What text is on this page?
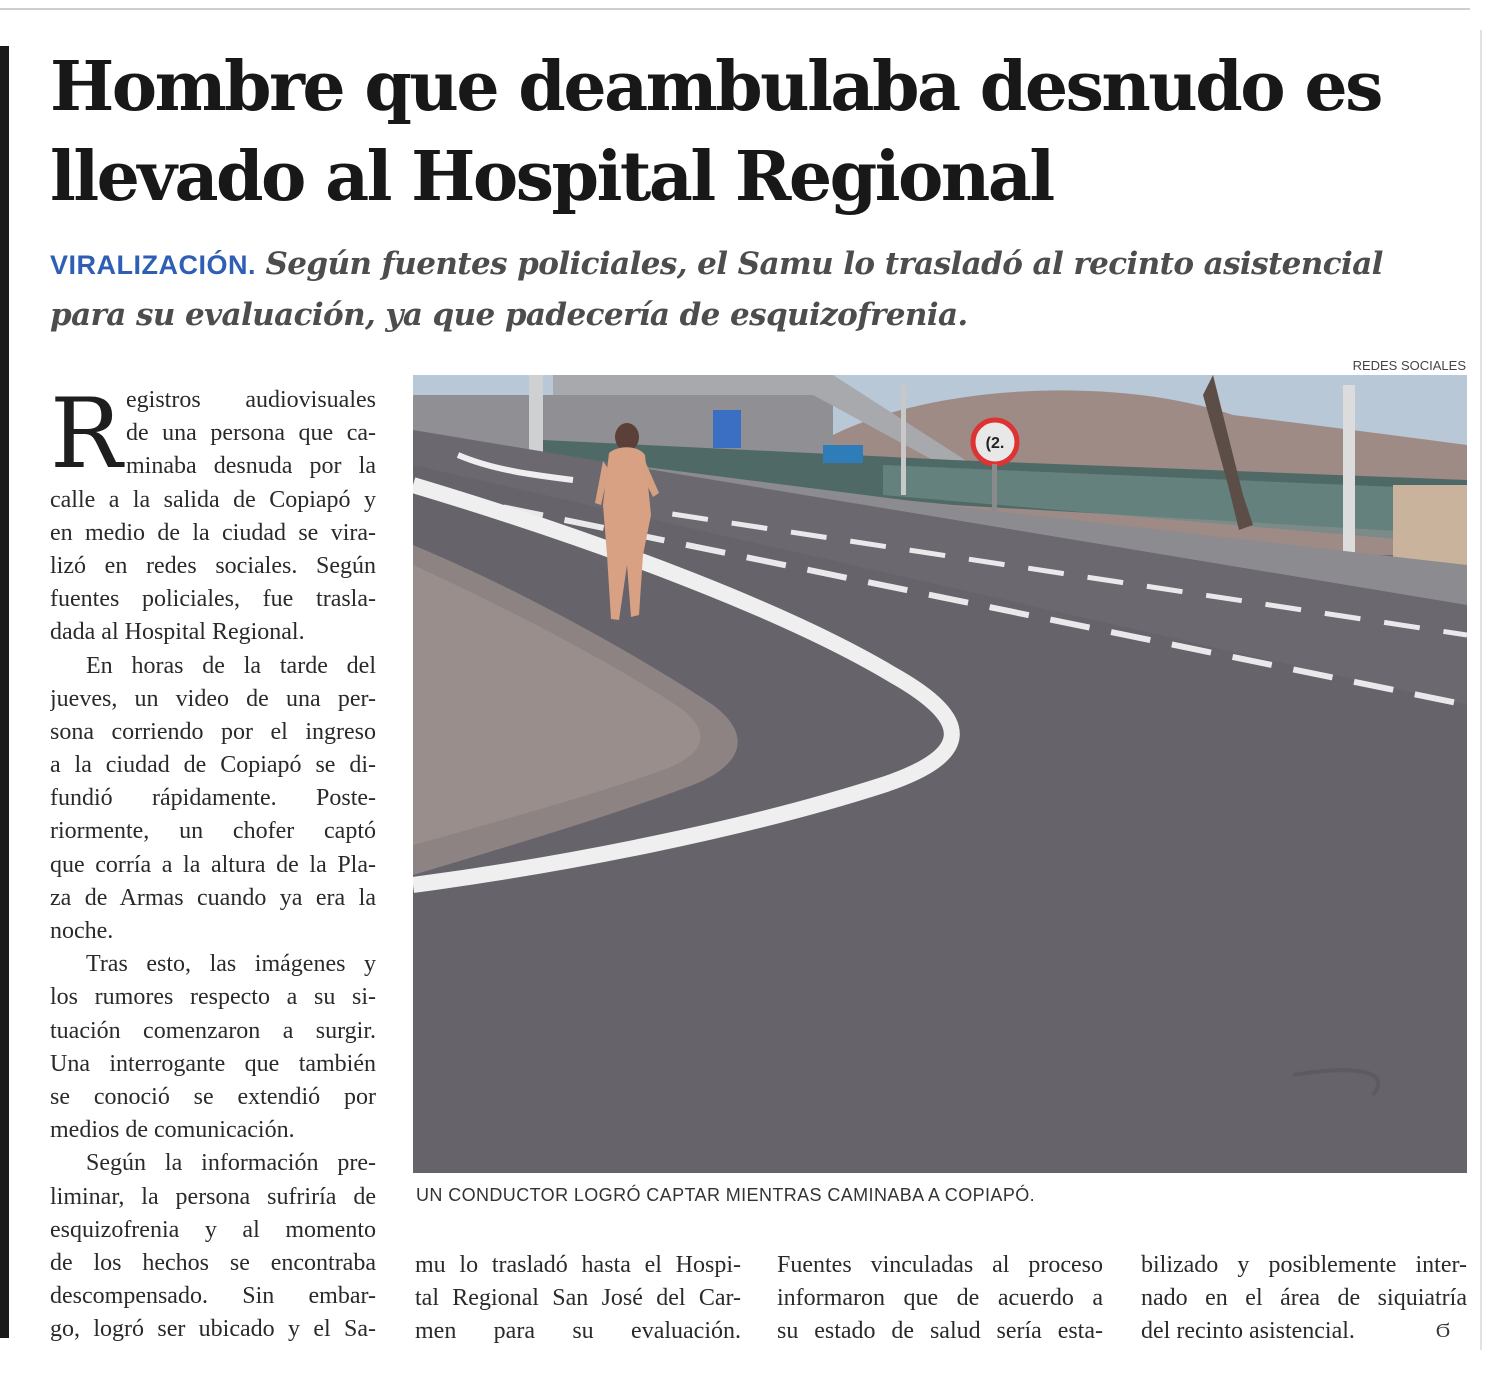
Hombre que deambulaba desnudo es
llevado al Hospital Regional
VIRALIZACIÓN. Según fuentes policiales, el Samu lo trasladó al recinto asistencial
para su evaluación, ya que padecería de esquizofrenia.
REDES SOCIALES
(2.
UN CONDUCTOR LOGRÓ CAPTAR MIENTRAS CAMINABA A COPIAPÓ.
R egistros audiovisuales
de una persona que ca-
minaba desnuda por la
calle a la salida de Copiapó y
en medio de la ciudad se vira-
lizó en redes sociales. Según
fuentes policiales, fue trasla-
dada al Hospital Regional.
En horas de la tarde del
jueves, un video de una per-
sona corriendo por el ingreso
a la ciudad de Copiapó se di-
fundió rápidamente. Poste-
riormente, un chofer captó
que corría a la altura de la Pla-
za de Armas cuando ya era la
noche.
Tras esto, las imágenes y
los rumores respecto a su si-
tuación comenzaron a surgir.
Una interrogante que también
se conoció se extendió por
medios de comunicación.
Según la información pre-
liminar, la persona sufriría de
esquizofrenia y al momento
de los hechos se encontraba
descompensado. Sin embar-
go, logró ser ubicado y el Sa-
mu lo trasladó hasta el Hospi-
tal Regional San José del Car-
men para su evaluación.
Fuentes vinculadas al proceso
informaron que de acuerdo a
su estado de salud sería esta-
bilizado y posiblemente inter-
nado en el área de siquiatría
del recinto asistencial.	Ϭ
